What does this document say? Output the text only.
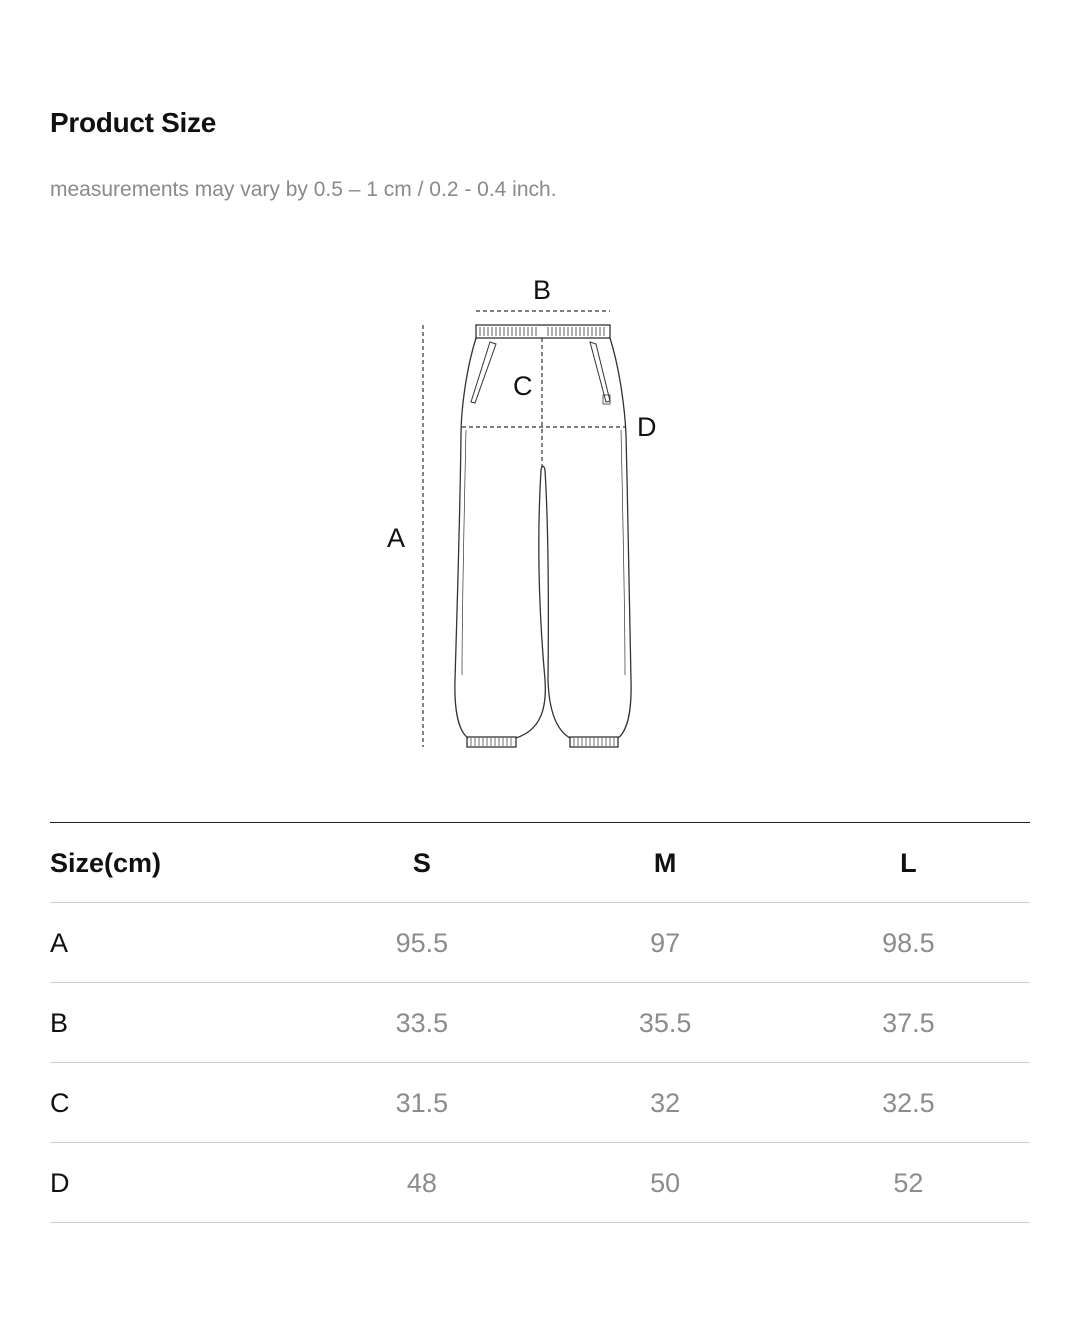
Product Size

measurements may vary by 0.5 – 1 cm / 0.2 - 0.4 inch.

A
B
C
D
Size(cm)	S	M	L
A	95.5	97	98.5
B	33.5	35.5	37.5
C	31.5	32	32.5
D	48	50	52
